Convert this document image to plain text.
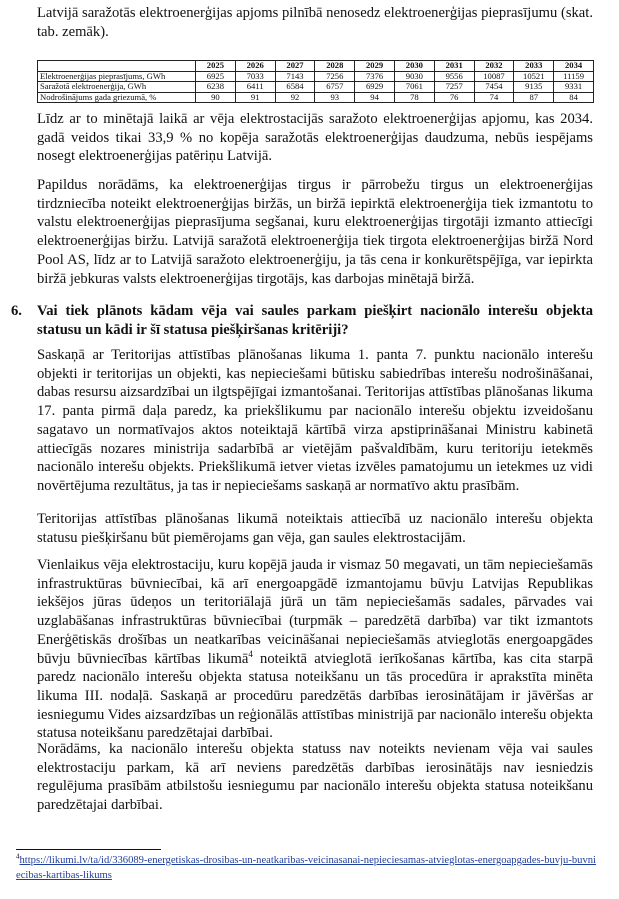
Latvijā saražotās elektroenerģijas apjoms pilnībā nenosedz elektroenerģijas pieprasījumu (skat. tab. zemāk).

	2025	2026	2027	2028	2029	2030	2031	2032	2033	2034
Elektroenerģijas pieprasījums, GWh	6925	7033	7143	7256	7376	9030	9556	10087	10521	11159
Saražotā elektroenerģija, GWh	6238	6411	6584	6757	6929	7061	7257	7454	9135	9331
Nodrošinājums gada griezumā, %	90	91	92	93	94	78	76	74	87	84

Līdz ar to minētajā laikā ar vēja elektrostacijās saražoto elektroenerģijas apjomu, kas 2034. gadā veidos tikai 33,9 % no kopēja saražotās elektroenerģijas daudzuma, nebūs iespējams nosegt elektroenerģijas patēriņu Latvijā.

Papildus norādāms, ka elektroenerģijas tirgus ir pārrobežu tirgus un elektroenerģijas tirdzniecība noteikt elektroenerģijas biržās, un biržā iepirktā elektroenerģija tiek izmantotu to valstu elektroenerģijas pieprasījuma segšanai, kuru elektroenerģijas tirgotāji izmanto attiecīgi elektroenerģijas biržu. Latvijā saražotā elektroenerģija tiek tirgota elektroenerģijas biržā Nord Pool AS, līdz ar to Latvijā saražoto elektroenerģiju, ja tās cena ir konkurētspējīga, var iepirkta biržā jebkuras valsts elektroenerģijas tirgotājs, kas darbojas minētajā biržā.

6.	Vai tiek plānots kādam vēja vai saules parkam piešķirt nacionālo interešu objekta statusu un kādi ir šī statusa piešķiršanas kritēriji?

Saskaņā ar Teritorijas attīstības plānošanas likuma 1. panta 7. punktu nacionālo interešu objekti ir teritorijas un objekti, kas nepieciešami būtisku sabiedrības interešu nodrošināšanai, dabas resursu aizsardzībai un ilgtspējīgai izmantošanai. Teritorijas attīstības plānošanas likuma 17. panta pirmā daļa paredz, ka priekšlikumu par nacionālo interešu objektu izveidošanu sagatavo un normatīvajos aktos noteiktajā kārtībā virza apstiprināšanai Ministru kabinetā attiecīgās nozares ministrija sadarbībā ar vietējām pašvaldībām, kuru teritoriju ietekmēs nacionālo interešu objekts. Priekšlikumā ietver vietas izvēles pamatojumu un ietekmes uz vidi novērtējuma rezultātus, ja tas ir nepieciešams saskaņā ar normatīvo aktu prasībām.

Teritorijas attīstības plānošanas likumā noteiktais attiecībā uz nacionālo interešu objekta statusu piešķiršanu būt piemērojams gan vēja, gan saules elektrostacijām.

Vienlaikus vēja elektrostaciju, kuru kopējā jauda ir vismaz 50 megavati, un tām nepieciešamās infrastruktūras būvniecībai, kā arī energoapgādē izmantojamu būvju Latvijas Republikas iekšējos jūras ūdeņos un teritoriālajā jūrā un tām nepieciešamās sadales, pārvades vai uzglabāšanas infrastruktūras būvniecībai (turpmāk – paredzētā darbība) var tikt izmantots Enerģētiskās drošības un neatkarības veicināšanai nepieciešamās atvieglotās energoapgādes būvju būvniecības kārtības likumā$^4$ noteiktā atvieglotā ierīkošanas kārtība, kas cita starpā paredz nacionālo interešu objekta statusa noteikšanu un tās procedūra ir aprakstīta minēta likuma III. nodaļā. Saskaņā ar procedūru paredzētās darbības ierosinātājam ir jāvēršas ar iesniegumu Vides aizsardzības un reģionālās attīstības ministrijā par nacionālo interešu objekta statusa noteikšanu paredzētajai darbībai.

Norādāms, ka nacionālo interešu objekta statuss nav noteikts nevienam vēja vai saules elektrostaciju parkam, kā arī neviens paredzētās darbības ierosinātājs nav iesniedzis regulējuma prasībām atbilstošu iesniegumu par nacionālo interešu objekta statusa noteikšanu paredzētajai darbībai.

$^4$https://likumi.lv/ta/id/336089-energetiskas-drosibas-un-neatkaribas-veicinasanai-nepieciesamas-atvieglotas-energoapgades-buvju-buvniecibas-kartibas-likums
